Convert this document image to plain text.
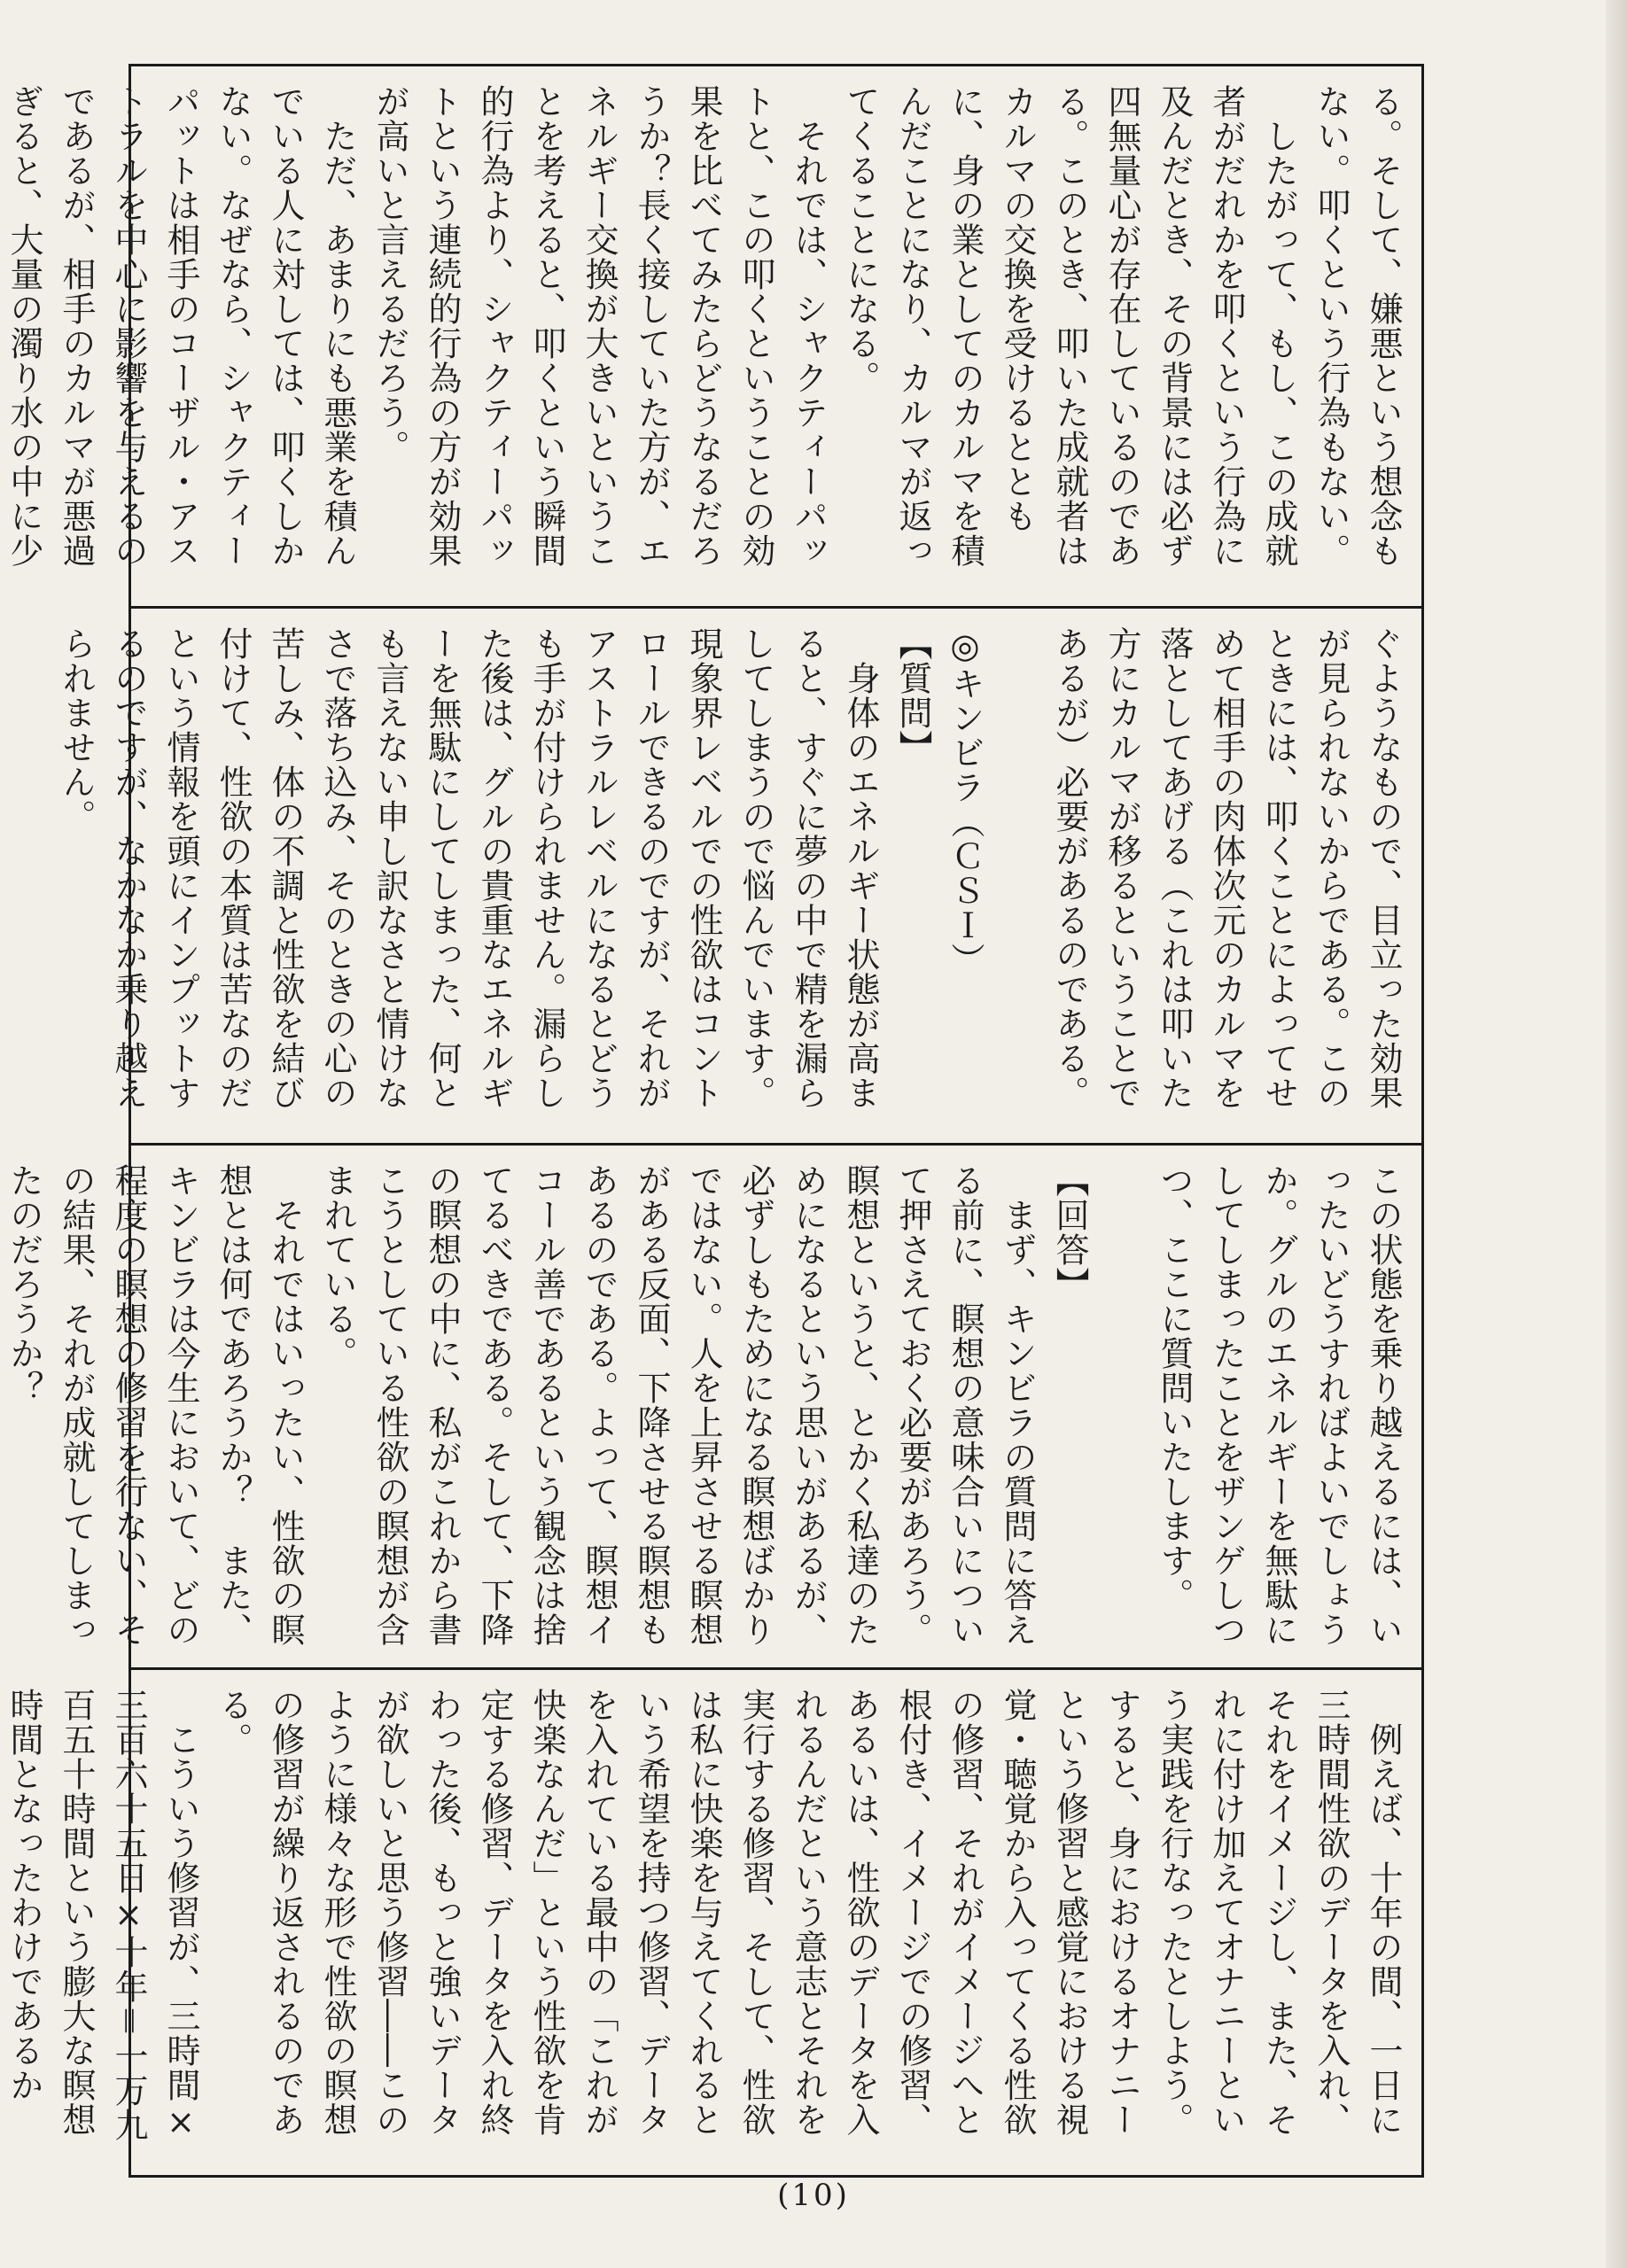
る。そして、嫌悪という想念もない。叩くという行為もない。
　したがって、もし、この成就者がだれかを叩くという行為に及んだとき、その背景には必ず四無量心が存在しているのである。このとき、叩いた成就者はカルマの交換を受けるとともに、身の業としてのカルマを積んだことになり、カルマが返ってくることになる。
　それでは、シャクティーパットと、この叩くということの効果を比べてみたらどうなるだろうか？長く接していた方が、エネルギー交換が大きいということを考えると、叩くという瞬間的行為より、シャクティーパットという連続的行為の方が効果が高いと言えるだろう。
　ただ、あまりにも悪業を積んでいる人に対しては、叩くしかない。なぜなら、シャクティーパットは相手のコーザル・アストラルを中心に影響を与えるのであるが、相手のカルマが悪過ぎると、大量の濁り水の中に少
ぐようなもので、目立った効果が見られないからである。このときには、叩くことによってせめて相手の肉体次元のカルマを落としてあげる（これは叩いた方にカルマが移るということであるが）必要があるのである。

◎キンビラ（ＣＳＩ）
【質問】
　身体のエネルギー状態が高まると、すぐに夢の中で精を漏らしてしまうので悩んでいます。現象界レベルでの性欲はコントロールできるのですが、それがアストラルレベルになるとどうも手が付けられません。漏らした後は、グルの貴重なエネルギーを無駄にしてしまった、何とも言えない申し訳なさと情けなさで落ち込み、そのときの心の苦しみ、体の不調と性欲を結び付けて、性欲の本質は苦なのだという情報を頭にインプットするのですが、なかなか乗り越えられません。
この状態を乗り越えるには、いったいどうすればよいでしょうか。グルのエネルギーを無駄にしてしまったことをザンゲしつつ、ここに質問いたします。

【回答】
　まず、キンビラの質問に答える前に、瞑想の意味合いについて押さえておく必要があろう。瞑想というと、とかく私達のためになるという思いがあるが、必ずしもためになる瞑想ばかりではない。人を上昇させる瞑想がある反面、下降させる瞑想もあるのである。よって、瞑想イコール善であるという観念は捨てるべきである。そして、下降の瞑想の中に、私がこれから書こうとしている性欲の瞑想が含まれている。
　それではいったい、性欲の瞑想とは何であろうか？　また、キンビラは今生において、どの程度の瞑想の修習を行ない、その結果、それが成就してしまったのだろうか？
　例えば、十年の間、一日に三時間性欲のデータを入れ、それをイメージし、また、それに付け加えてオナニーという実践を行なったとしよう。すると、身におけるオナニーという修習と感覚における視覚・聴覚から入ってくる性欲の修習、それがイメージへと根付き、イメージでの修習、あるいは、性欲のデータを入れるんだという意志とそれを実行する修習、そして、性欲は私に快楽を与えてくれるという希望を持つ修習、データを入れている最中の「これが快楽なんだ」という性欲を肯定する修習、データを入れ終わった後、もっと強いデータが欲しいと思う修習――このように様々な形で性欲の瞑想の修習が繰り返されるのである。
　こういう修習が、三時間×三百六十五日×十年＝一万九百五十時間という膨大な瞑想時間となったわけであるか
(10)
